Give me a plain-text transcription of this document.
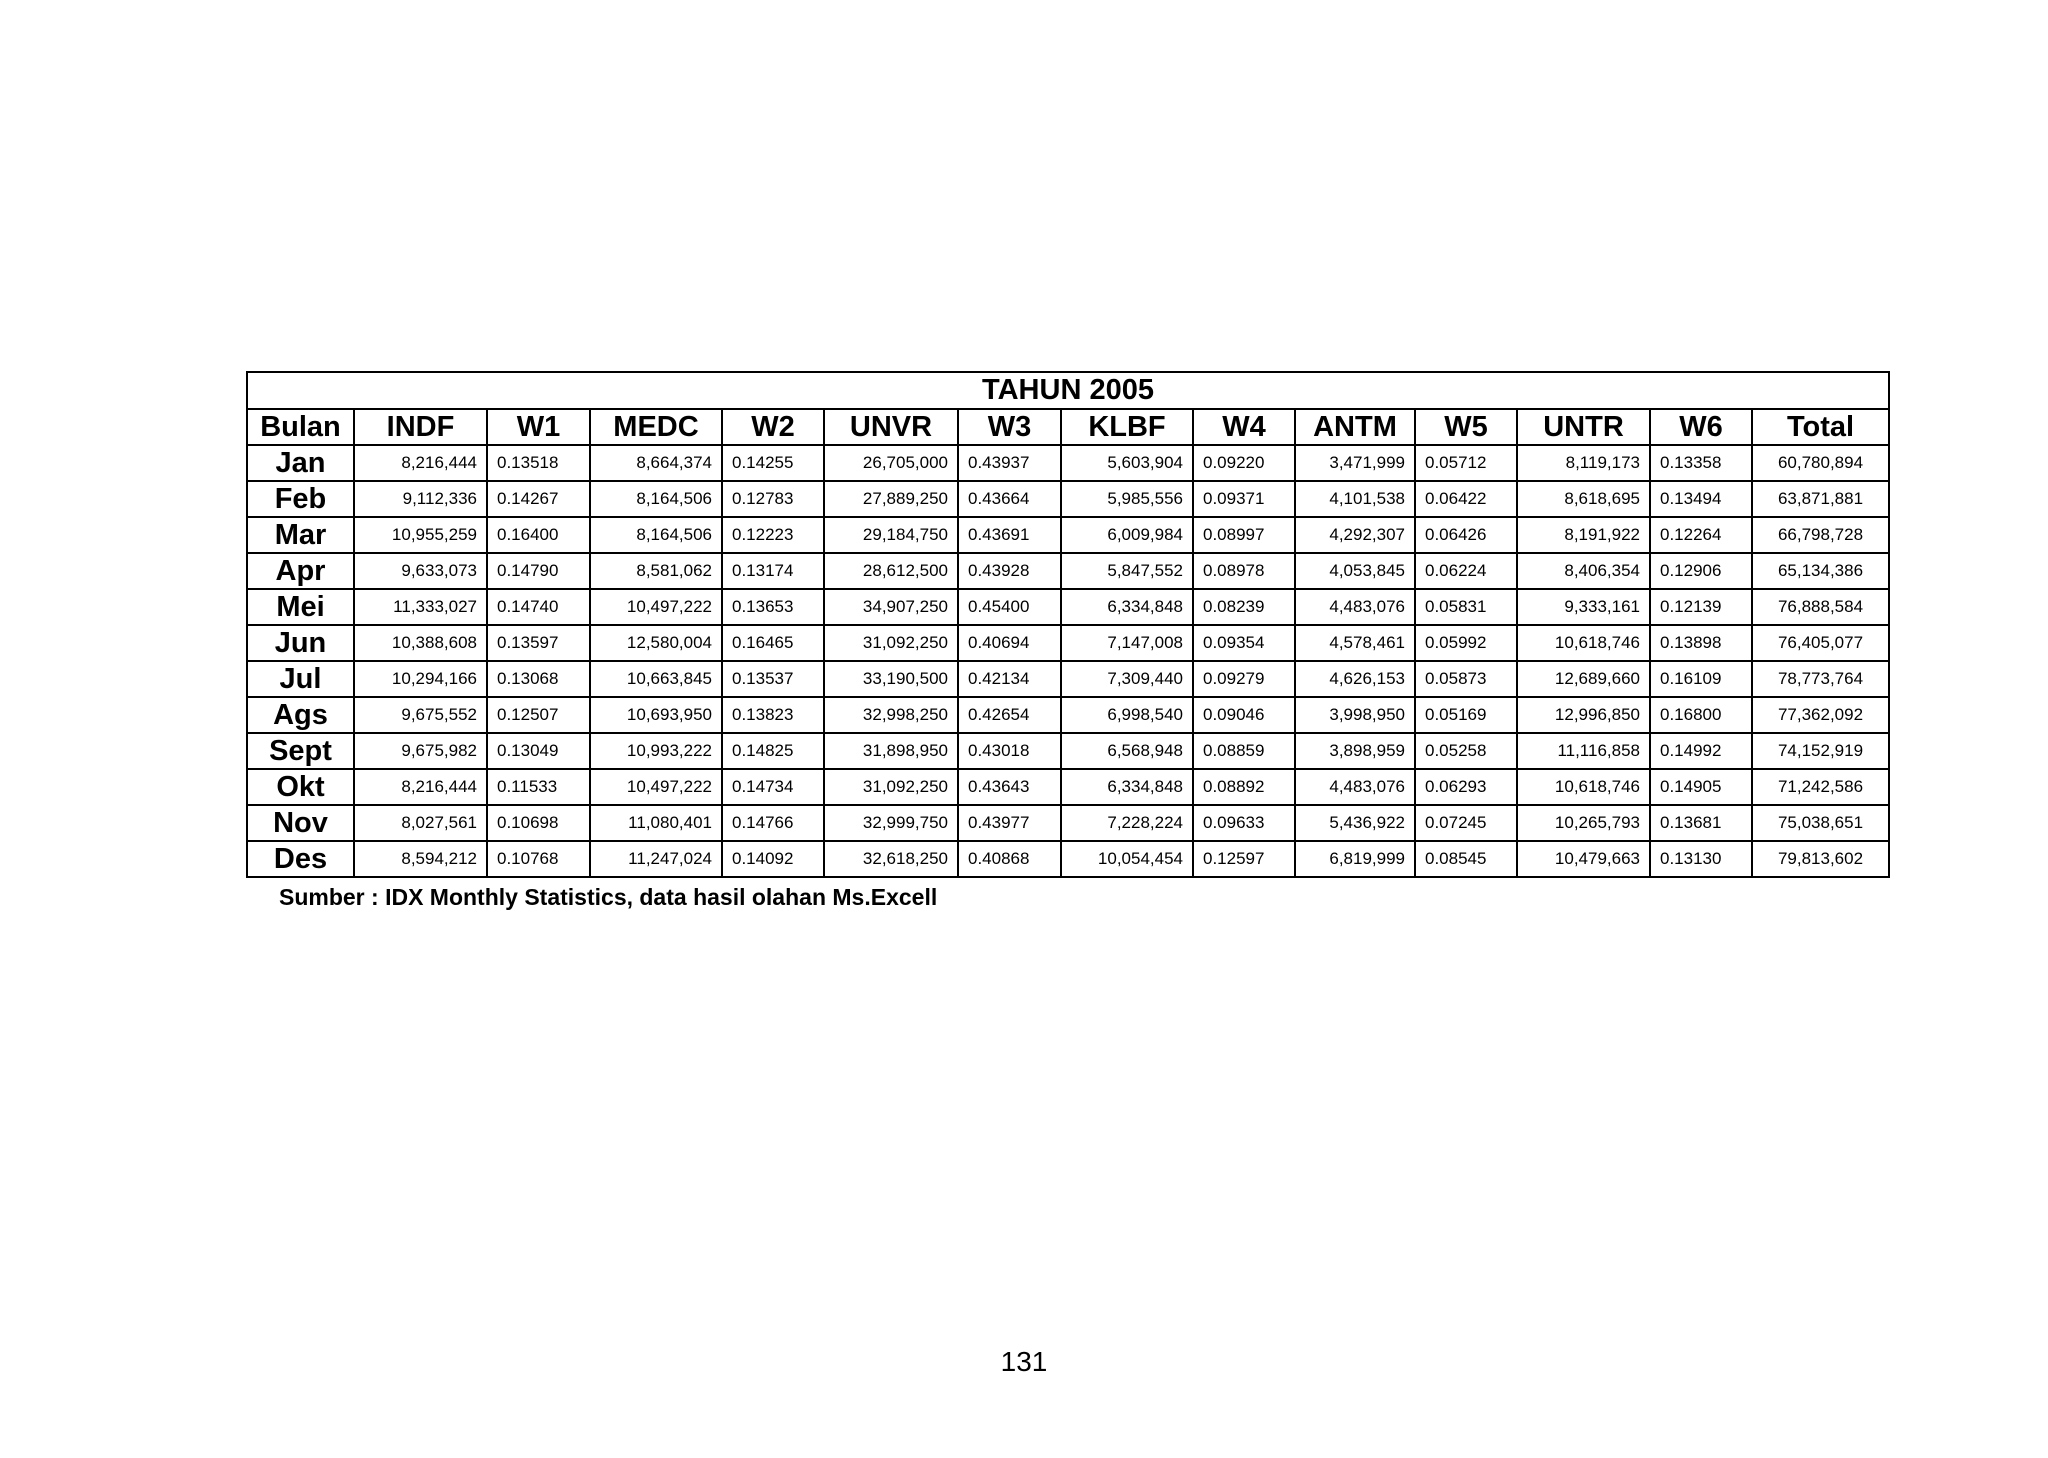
TAHUN 2005													
Bulan	INDF	W1	MEDC	W2	UNVR	W3	KLBF	W4	ANTM	W5	UNTR	W6	Total
Jan	8,216,444	0.13518	8,664,374	0.14255	26,705,000	0.43937	5,603,904	0.09220	3,471,999	0.05712	8,119,173	0.13358	60,780,894
Feb	9,112,336	0.14267	8,164,506	0.12783	27,889,250	0.43664	5,985,556	0.09371	4,101,538	0.06422	8,618,695	0.13494	63,871,881
Mar	10,955,259	0.16400	8,164,506	0.12223	29,184,750	0.43691	6,009,984	0.08997	4,292,307	0.06426	8,191,922	0.12264	66,798,728
Apr	9,633,073	0.14790	8,581,062	0.13174	28,612,500	0.43928	5,847,552	0.08978	4,053,845	0.06224	8,406,354	0.12906	65,134,386
Mei	11,333,027	0.14740	10,497,222	0.13653	34,907,250	0.45400	6,334,848	0.08239	4,483,076	0.05831	9,333,161	0.12139	76,888,584
Jun	10,388,608	0.13597	12,580,004	0.16465	31,092,250	0.40694	7,147,008	0.09354	4,578,461	0.05992	10,618,746	0.13898	76,405,077
Jul	10,294,166	0.13068	10,663,845	0.13537	33,190,500	0.42134	7,309,440	0.09279	4,626,153	0.05873	12,689,660	0.16109	78,773,764
Ags	9,675,552	0.12507	10,693,950	0.13823	32,998,250	0.42654	6,998,540	0.09046	3,998,950	0.05169	12,996,850	0.16800	77,362,092
Sept	9,675,982	0.13049	10,993,222	0.14825	31,898,950	0.43018	6,568,948	0.08859	3,898,959	0.05258	11,116,858	0.14992	74,152,919
Okt	8,216,444	0.11533	10,497,222	0.14734	31,092,250	0.43643	6,334,848	0.08892	4,483,076	0.06293	10,618,746	0.14905	71,242,586
Nov	8,027,561	0.10698	11,080,401	0.14766	32,999,750	0.43977	7,228,224	0.09633	5,436,922	0.07245	10,265,793	0.13681	75,038,651
Des	8,594,212	0.10768	11,247,024	0.14092	32,618,250	0.40868	10,054,454	0.12597	6,819,999	0.08545	10,479,663	0.13130	79,813,602
Sumber : IDX Monthly Statistics, data hasil olahan Ms.Excell
131
